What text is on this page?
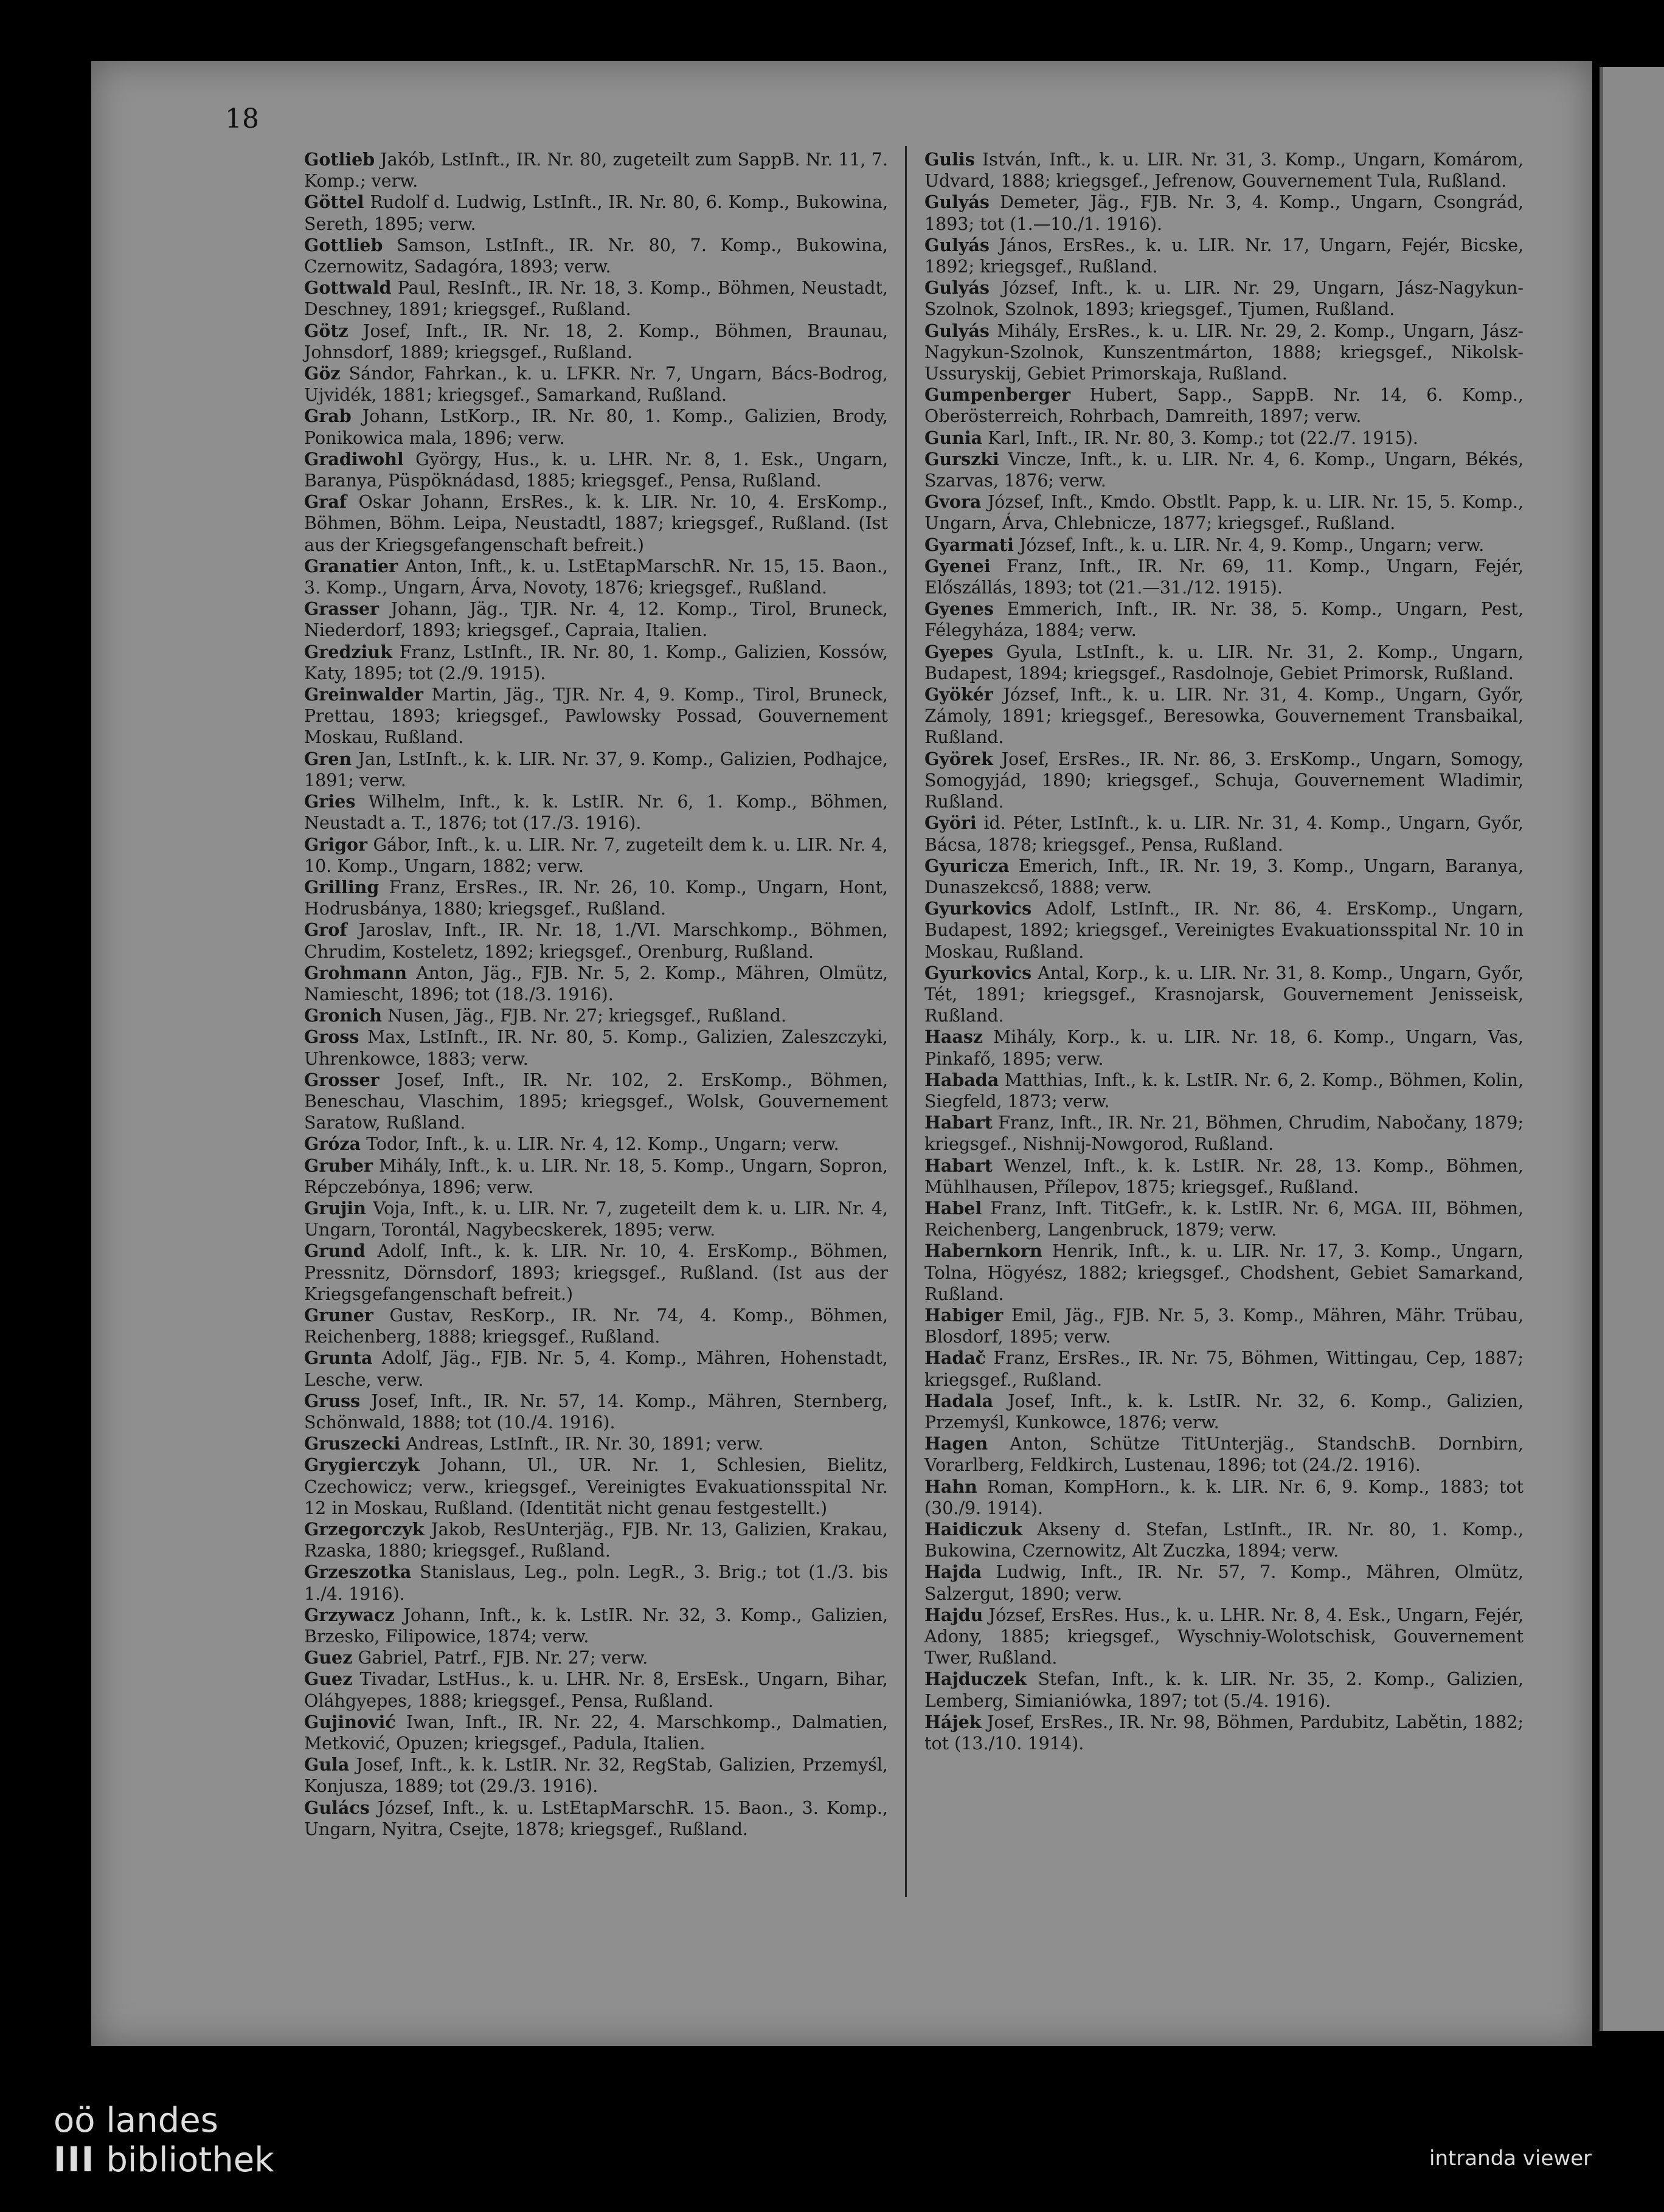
18

Gotlieb Jakób, LstInft., IR. Nr. 80, zugeteilt zum SappB. Nr. 11, 7. Komp.; verw.

Göttel Rudolf d. Ludwig, LstInft., IR. Nr. 80, 6. Komp., Bukowina, Sereth, 1895; verw.

Gottlieb Samson, LstInft., IR. Nr. 80, 7. Komp., Bukowina, Czernowitz, Sadagóra, 1893; verw.

Gottwald Paul, ResInft., IR. Nr. 18, 3. Komp., Böhmen, Neustadt, Deschney, 1891; kriegsgef., Rußland.

Götz Josef, Inft., IR. Nr. 18, 2. Komp., Böhmen, Braunau, Johnsdorf, 1889; kriegsgef., Rußland.

Göz Sándor, Fahrkan., k. u. LFKR. Nr. 7, Ungarn, Bács-Bodrog, Ujvidék, 1881; kriegsgef., Samarkand, Rußland.

Grab Johann, LstKorp., IR. Nr. 80, 1. Komp., Galizien, Brody, Ponikowica mala, 1896; verw.

Gradiwohl György, Hus., k. u. LHR. Nr. 8, 1. Esk., Ungarn, Baranya, Püspöknádasd, 1885; kriegsgef., Pensa, Rußland.

Graf Oskar Johann, ErsRes., k. k. LIR. Nr. 10, 4. ErsKomp., Böhmen, Böhm. Leipa, Neustadtl, 1887; kriegsgef., Rußland. (Ist aus der Kriegsgefangenschaft befreit.)

Granatier Anton, Inft., k. u. LstEtapMarschR. Nr. 15, 15. Baon., 3. Komp., Ungarn, Árva, Novoty, 1876; kriegsgef., Rußland.

Grasser Johann, Jäg., TJR. Nr. 4, 12. Komp., Tirol, Bruneck, Niederdorf, 1893; kriegsgef., Capraia, Italien.

Gredziuk Franz, LstInft., IR. Nr. 80, 1. Komp., Galizien, Kossów, Katy, 1895; tot (2./9. 1915).

Greinwalder Martin, Jäg., TJR. Nr. 4, 9. Komp., Tirol, Bruneck, Prettau, 1893; kriegsgef., Pawlowsky Possad, Gouvernement Moskau, Rußland.

Gren Jan, LstInft., k. k. LIR. Nr. 37, 9. Komp., Galizien, Podhajce, 1891; verw.

Gries Wilhelm, Inft., k. k. LstIR. Nr. 6, 1. Komp., Böhmen, Neustadt a. T., 1876; tot (17./3. 1916).

Grigor Gábor, Inft., k. u. LIR. Nr. 7, zugeteilt dem k. u. LIR. Nr. 4, 10. Komp., Ungarn, 1882; verw.

Grilling Franz, ErsRes., IR. Nr. 26, 10. Komp., Ungarn, Hont, Hodrusbánya, 1880; kriegsgef., Rußland.

Grof Jaroslav, Inft., IR. Nr. 18, 1./VI. Marschkomp., Böhmen, Chrudim, Kosteletz, 1892; kriegsgef., Orenburg, Rußland.

Grohmann Anton, Jäg., FJB. Nr. 5, 2. Komp., Mähren, Olmütz, Namiescht, 1896; tot (18./3. 1916).

Gronich Nusen, Jäg., FJB. Nr. 27; kriegsgef., Rußland.

Gross Max, LstInft., IR. Nr. 80, 5. Komp., Galizien, Zaleszczyki, Uhrenkowce, 1883; verw.

Grosser Josef, Inft., IR. Nr. 102, 2. ErsKomp., Böhmen, Beneschau, Vlaschim, 1895; kriegsgef., Wolsk, Gouvernement Saratow, Rußland.

Gróza Todor, Inft., k. u. LIR. Nr. 4, 12. Komp., Ungarn; verw.

Gruber Mihály, Inft., k. u. LIR. Nr. 18, 5. Komp., Ungarn, Sopron, Répczebónya, 1896; verw.

Grujin Voja, Inft., k. u. LIR. Nr. 7, zugeteilt dem k. u. LIR. Nr. 4, Ungarn, Torontál, Nagybecskerek, 1895; verw.

Grund Adolf, Inft., k. k. LIR. Nr. 10, 4. ErsKomp., Böhmen, Pressnitz, Dörnsdorf, 1893; kriegsgef., Rußland. (Ist aus der Kriegsgefangenschaft befreit.)

Gruner Gustav, ResKorp., IR. Nr. 74, 4. Komp., Böhmen, Reichenberg, 1888; kriegsgef., Rußland.

Grunta Adolf, Jäg., FJB. Nr. 5, 4. Komp., Mähren, Hohenstadt, Lesche, verw.

Gruss Josef, Inft., IR. Nr. 57, 14. Komp., Mähren, Sternberg, Schönwald, 1888; tot (10./4. 1916).

Gruszecki Andreas, LstInft., IR. Nr. 30, 1891; verw.

Grygierczyk Johann, Ul., UR. Nr. 1, Schlesien, Bielitz, Czechowicz; verw., kriegsgef., Vereinigtes Evakuationsspital Nr. 12 in Moskau, Rußland. (Identität nicht genau festgestellt.)

Grzegorczyk Jakob, ResUnterjäg., FJB. Nr. 13, Galizien, Krakau, Rzaska, 1880; kriegsgef., Rußland.

Grzeszotka Stanislaus, Leg., poln. LegR., 3. Brig.; tot (1./3. bis 1./4. 1916).

Grzywacz Johann, Inft., k. k. LstIR. Nr. 32, 3. Komp., Galizien, Brzesko, Filipowice, 1874; verw.

Guez Gabriel, Patrf., FJB. Nr. 27; verw.

Guez Tivadar, LstHus., k. u. LHR. Nr. 8, ErsEsk., Ungarn, Bihar, Oláhgyepes, 1888; kriegsgef., Pensa, Rußland.

Gujinović Iwan, Inft., IR. Nr. 22, 4. Marschkomp., Dalmatien, Metković, Opuzen; kriegsgef., Padula, Italien.

Gula Josef, Inft., k. k. LstIR. Nr. 32, RegStab, Galizien, Przemyśl, Konjusza, 1889; tot (29./3. 1916).

Gulács József, Inft., k. u. LstEtapMarschR. 15. Baon., 3. Komp., Ungarn, Nyitra, Csejte, 1878; kriegsgef., Rußland.

Gulis István, Inft., k. u. LIR. Nr. 31, 3. Komp., Ungarn, Komárom, Udvard, 1888; kriegsgef., Jefrenow, Gouvernement Tula, Rußland.

Gulyás Demeter, Jäg., FJB. Nr. 3, 4. Komp., Ungarn, Csongrád, 1893; tot (1.—10./1. 1916).

Gulyás János, ErsRes., k. u. LIR. Nr. 17, Ungarn, Fejér, Bicske, 1892; kriegsgef., Rußland.

Gulyás József, Inft., k. u. LIR. Nr. 29, Ungarn, Jász-Nagykun-Szolnok, Szolnok, 1893; kriegsgef., Tjumen, Rußland.

Gulyás Mihály, ErsRes., k. u. LIR. Nr. 29, 2. Komp., Ungarn, Jász-Nagykun-Szolnok, Kunszentmárton, 1888; kriegsgef., Nikolsk-Ussuryskij, Gebiet Primorskaja, Rußland.

Gumpenberger Hubert, Sapp., SappB. Nr. 14, 6. Komp., Oberösterreich, Rohrbach, Damreith, 1897; verw.

Gunia Karl, Inft., IR. Nr. 80, 3. Komp.; tot (22./7. 1915).

Gurszki Vincze, Inft., k. u. LIR. Nr. 4, 6. Komp., Ungarn, Békés, Szarvas, 1876; verw.

Gvora József, Inft., Kmdo. Obstlt. Papp, k. u. LIR. Nr. 15, 5. Komp., Ungarn, Árva, Chlebnicze, 1877; kriegsgef., Rußland.

Gyarmati József, Inft., k. u. LIR. Nr. 4, 9. Komp., Ungarn; verw.

Gyenei Franz, Inft., IR. Nr. 69, 11. Komp., Ungarn, Fejér, Előszállás, 1893; tot (21.—31./12. 1915).

Gyenes Emmerich, Inft., IR. Nr. 38, 5. Komp., Ungarn, Pest, Félegyháza, 1884; verw.

Gyepes Gyula, LstInft., k. u. LIR. Nr. 31, 2. Komp., Ungarn, Budapest, 1894; kriegsgef., Rasdolnoje, Gebiet Primorsk, Rußland.

Gyökér József, Inft., k. u. LIR. Nr. 31, 4. Komp., Ungarn, Győr, Zámoly, 1891; kriegsgef., Beresowka, Gouvernement Transbaikal, Rußland.

Györek Josef, ErsRes., IR. Nr. 86, 3. ErsKomp., Ungarn, Somogy, Somogyjád, 1890; kriegsgef., Schuja, Gouvernement Wladimir, Rußland.

Györi id. Péter, LstInft., k. u. LIR. Nr. 31, 4. Komp., Ungarn, Győr, Bácsa, 1878; kriegsgef., Pensa, Rußland.

Gyuricza Emerich, Inft., IR. Nr. 19, 3. Komp., Ungarn, Baranya, Dunaszekcső, 1888; verw.

Gyurkovics Adolf, LstInft., IR. Nr. 86, 4. ErsKomp., Ungarn, Budapest, 1892; kriegsgef., Vereinigtes Evakuationsspital Nr. 10 in Moskau, Rußland.

Gyurkovics Antal, Korp., k. u. LIR. Nr. 31, 8. Komp., Ungarn, Győr, Tét, 1891; kriegsgef., Krasnojarsk, Gouvernement Jenisseisk, Rußland.

Haasz Mihály, Korp., k. u. LIR. Nr. 18, 6. Komp., Ungarn, Vas, Pinkafő, 1895; verw.

Habada Matthias, Inft., k. k. LstIR. Nr. 6, 2. Komp., Böhmen, Kolin, Siegfeld, 1873; verw.

Habart Franz, Inft., IR. Nr. 21, Böhmen, Chrudim, Nabočany, 1879; kriegsgef., Nishnij-Nowgorod, Rußland.

Habart Wenzel, Inft., k. k. LstIR. Nr. 28, 13. Komp., Böhmen, Mühlhausen, Přílepov, 1875; kriegsgef., Rußland.

Habel Franz, Inft. TitGefr., k. k. LstIR. Nr. 6, MGA. III, Böhmen, Reichenberg, Langenbruck, 1879; verw.

Habernkorn Henrik, Inft., k. u. LIR. Nr. 17, 3. Komp., Ungarn, Tolna, Högyész, 1882; kriegsgef., Chodshent, Gebiet Samarkand, Rußland.

Habiger Emil, Jäg., FJB. Nr. 5, 3. Komp., Mähren, Mähr. Trübau, Blosdorf, 1895; verw.

Hadač Franz, ErsRes., IR. Nr. 75, Böhmen, Wittingau, Cep, 1887; kriegsgef., Rußland.

Hadala Josef, Inft., k. k. LstIR. Nr. 32, 6. Komp., Galizien, Przemyśl, Kunkowce, 1876; verw.

Hagen Anton, Schütze TitUnterjäg., StandschB. Dornbirn, Vorarlberg, Feldkirch, Lustenau, 1896; tot (24./2. 1916).

Hahn Roman, KompHorn., k. k. LIR. Nr. 6, 9. Komp., 1883; tot (30./9. 1914).

Haidiczuk Akseny d. Stefan, LstInft., IR. Nr. 80, 1. Komp., Bukowina, Czernowitz, Alt Zuczka, 1894; verw.

Hajda Ludwig, Inft., IR. Nr. 57, 7. Komp., Mähren, Olmütz, Salzergut, 1890; verw.

Hajdu József, ErsRes. Hus., k. u. LHR. Nr. 8, 4. Esk., Ungarn, Fejér, Adony, 1885; kriegsgef., Wyschniy-Wolotschisk, Gouvernement Twer, Rußland.

Hajduczek Stefan, Inft., k. k. LIR. Nr. 35, 2. Komp., Galizien, Lemberg, Simianiówka, 1897; tot (5./4. 1916).

Hájek Josef, ErsRes., IR. Nr. 98, Böhmen, Pardubitz, Labětin, 1882; tot (13./10. 1914).

oö landes
III bibliothek	intranda viewer
